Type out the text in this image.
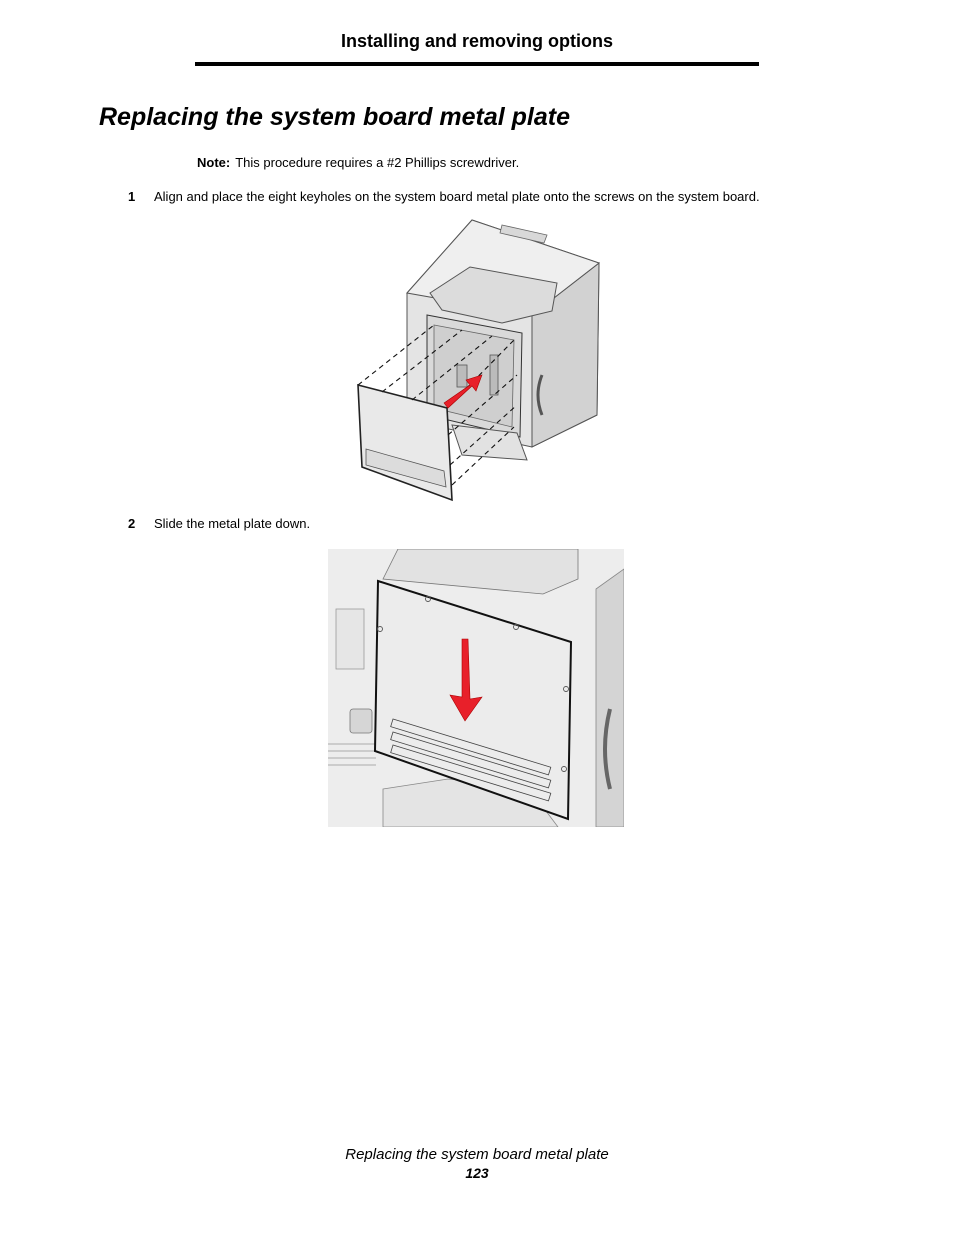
Installing and removing options
Replacing the system board metal plate
Note: This procedure requires a #2 Phillips screwdriver.
1 Align and place the eight keyholes on the system board metal plate onto the screws on the system board.
2 Slide the metal plate down.
Replacing the system board metal plate
123
